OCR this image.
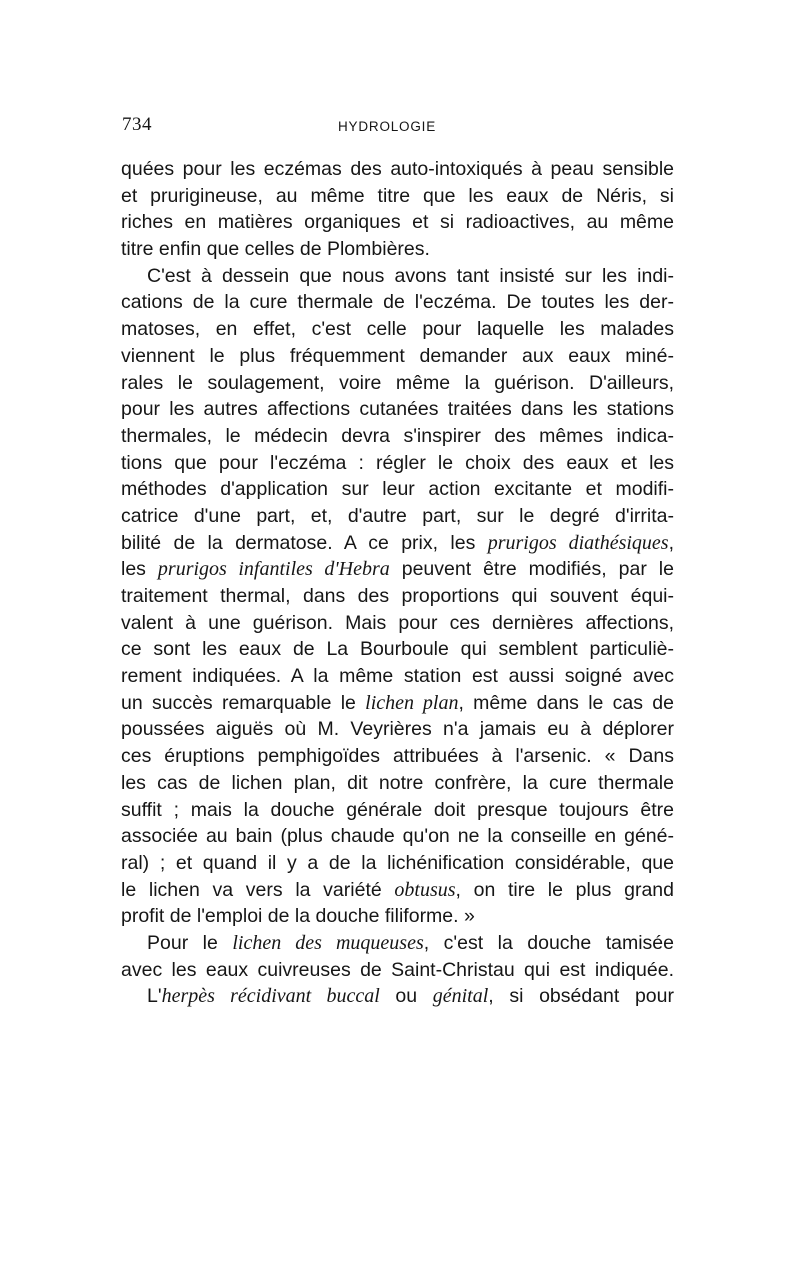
734	HYDROLOGIE
quées pour les eczémas des auto-intoxiqués à peau sensible
et prurigineuse, au même titre que les eaux de Néris, si
riches en matières organiques et si radioactives, au même
titre enfin que celles de Plombières.
C'est à dessein que nous avons tant insisté sur les indi-
cations de la cure thermale de l'eczéma. De toutes les der-
matoses, en effet, c'est celle pour laquelle les malades
viennent le plus fréquemment demander aux eaux miné-
rales le soulagement, voire même la guérison. D'ailleurs,
pour les autres affections cutanées traitées dans les stations
thermales, le médecin devra s'inspirer des mêmes indica-
tions que pour l'eczéma : régler le choix des eaux et les
méthodes d'application sur leur action excitante et modifi-
catrice d'une part, et, d'autre part, sur le degré d'irrita-
bilité de la dermatose. A ce prix, les prurigos diathésiques,
les prurigos infantiles d'Hebra peuvent être modifiés, par le
traitement thermal, dans des proportions qui souvent équi-
valent à une guérison. Mais pour ces dernières affections,
ce sont les eaux de La Bourboule qui semblent particuliè-
rement indiquées. A la même station est aussi soigné avec
un succès remarquable le lichen plan, même dans le cas de
poussées aiguës où M. Veyrières n'a jamais eu à déplorer
ces éruptions pemphigoïdes attribuées à l'arsenic. « Dans
les cas de lichen plan, dit notre confrère, la cure thermale
suffit ; mais la douche générale doit presque toujours être
associée au bain (plus chaude qu'on ne la conseille en géné-
ral) ; et quand il y a de la lichénification considérable, que
le lichen va vers la variété obtusus, on tire le plus grand
profit de l'emploi de la douche filiforme. »
Pour le lichen des muqueuses, c'est la douche tamisée
avec les eaux cuivreuses de Saint-Christau qui est indiquée.
L'herpès récidivant buccal ou génital, si obsédant pour
